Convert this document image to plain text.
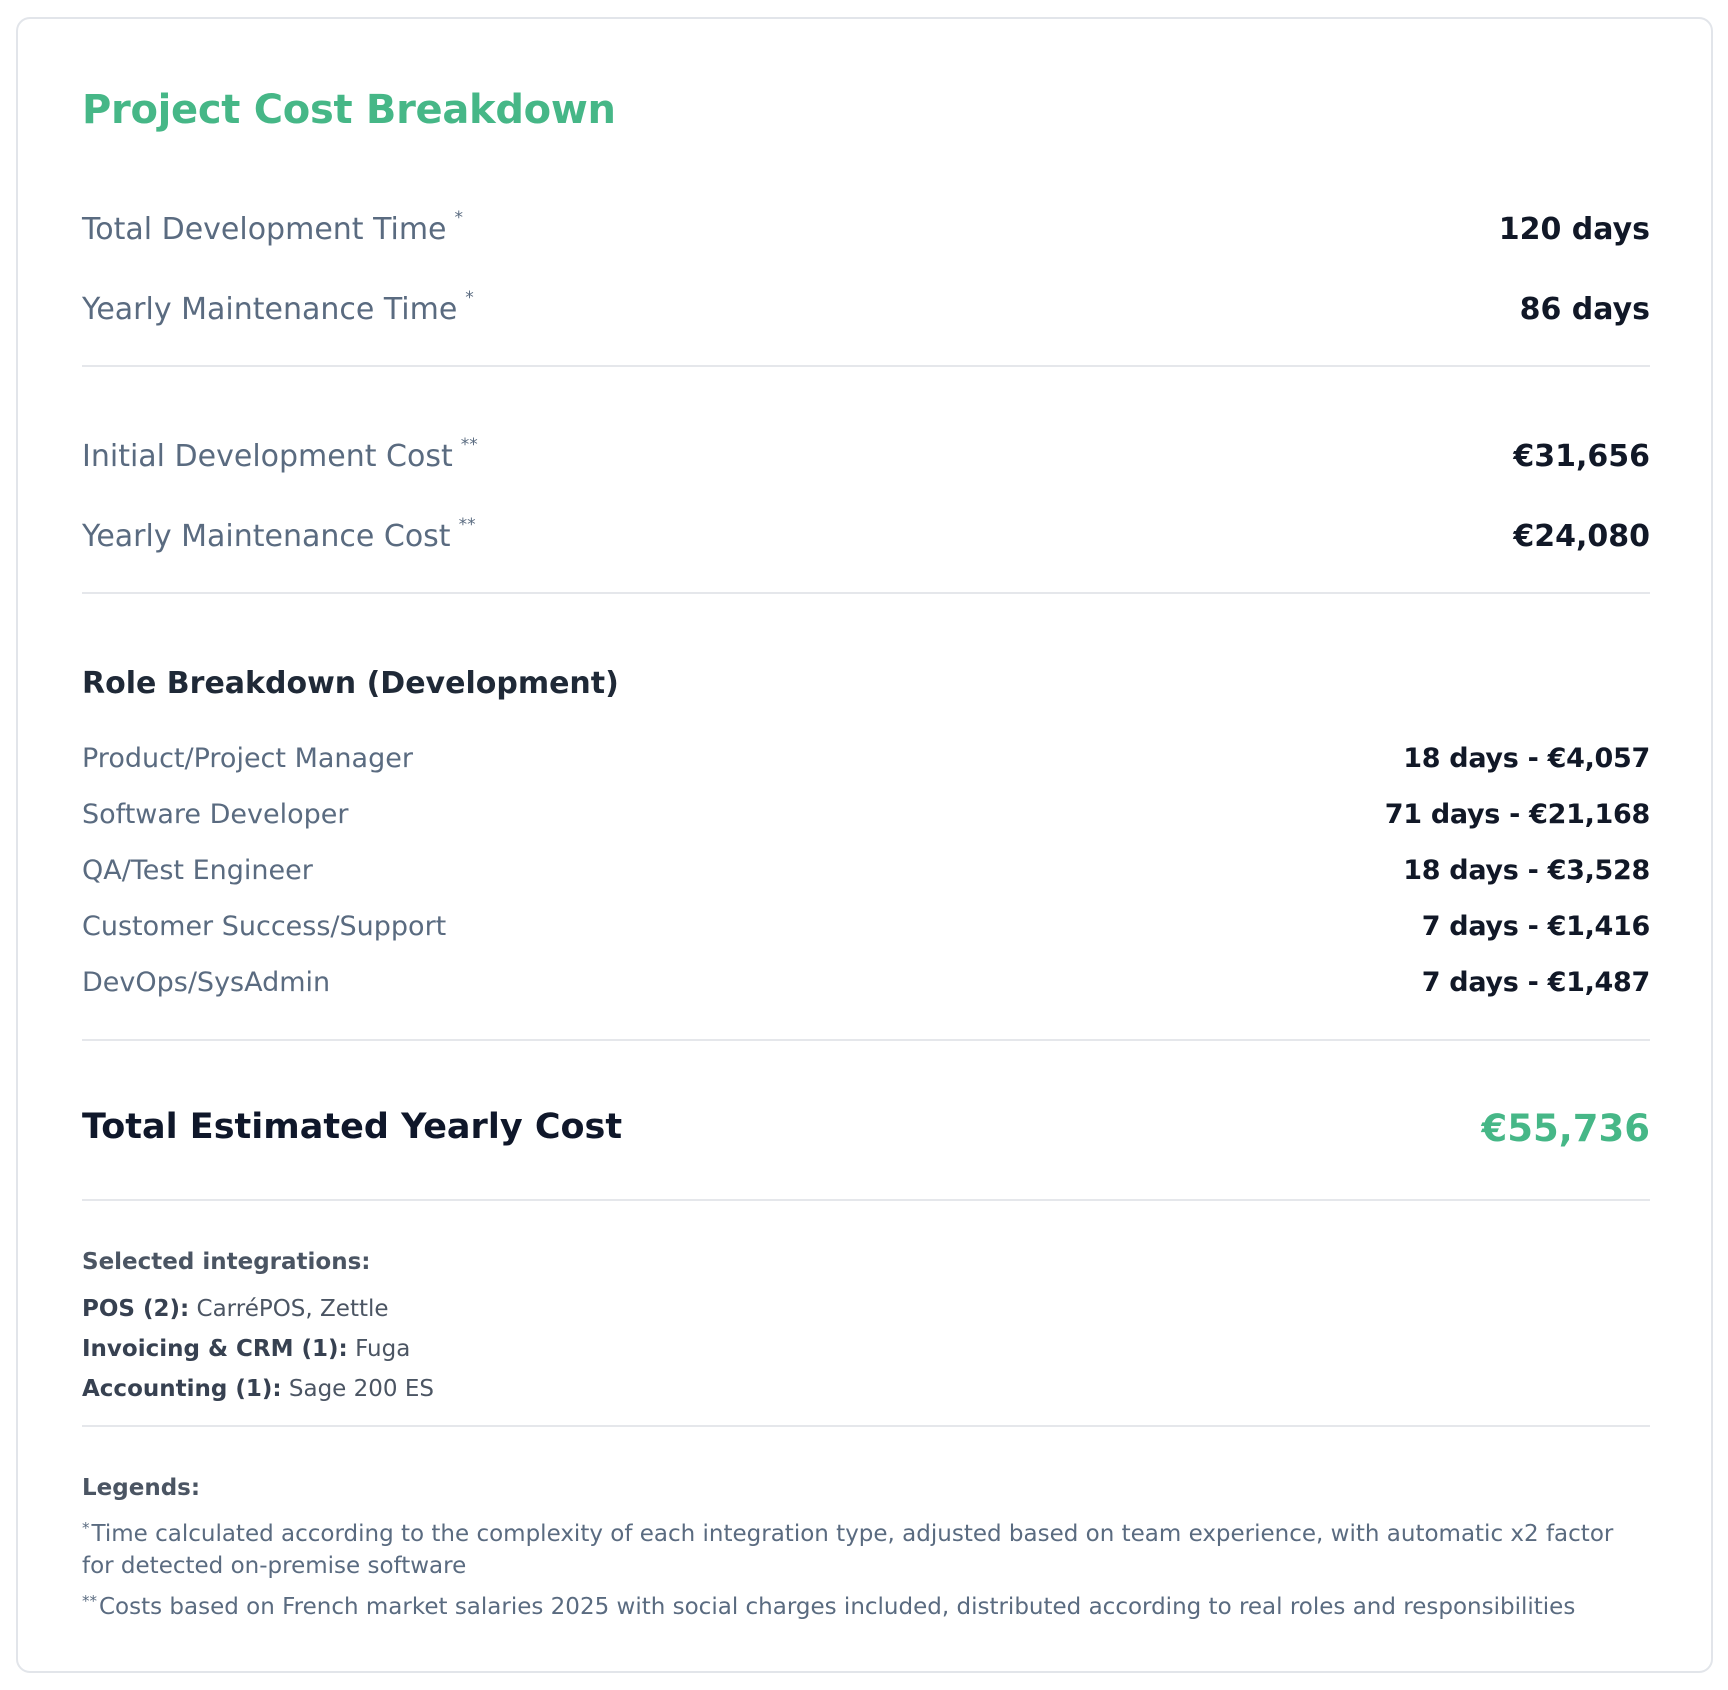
Project Cost Breakdown
Total Development Time *	120 days
Yearly Maintenance Time *	86 days
Initial Development Cost **	€31,656
Yearly Maintenance Cost **	€24,080
Role Breakdown (Development)
Product/Project Manager	18 days - €4,057
Software Developer	71 days - €21,168
QA/Test Engineer	18 days - €3,528
Customer Success/Support	7 days - €1,416
DevOps/SysAdmin	7 days - €1,487
Total Estimated Yearly Cost	€55,736
Selected integrations:
POS (2): CarréPOS, Zettle
Invoicing & CRM (1): Fuga
Accounting (1): Sage 200 ES
Legends:
*Time calculated according to the complexity of each integration type, adjusted based on team experience, with automatic x2 factor for detected on-premise software
**Costs based on French market salaries 2025 with social charges included, distributed according to real roles and responsibilities
